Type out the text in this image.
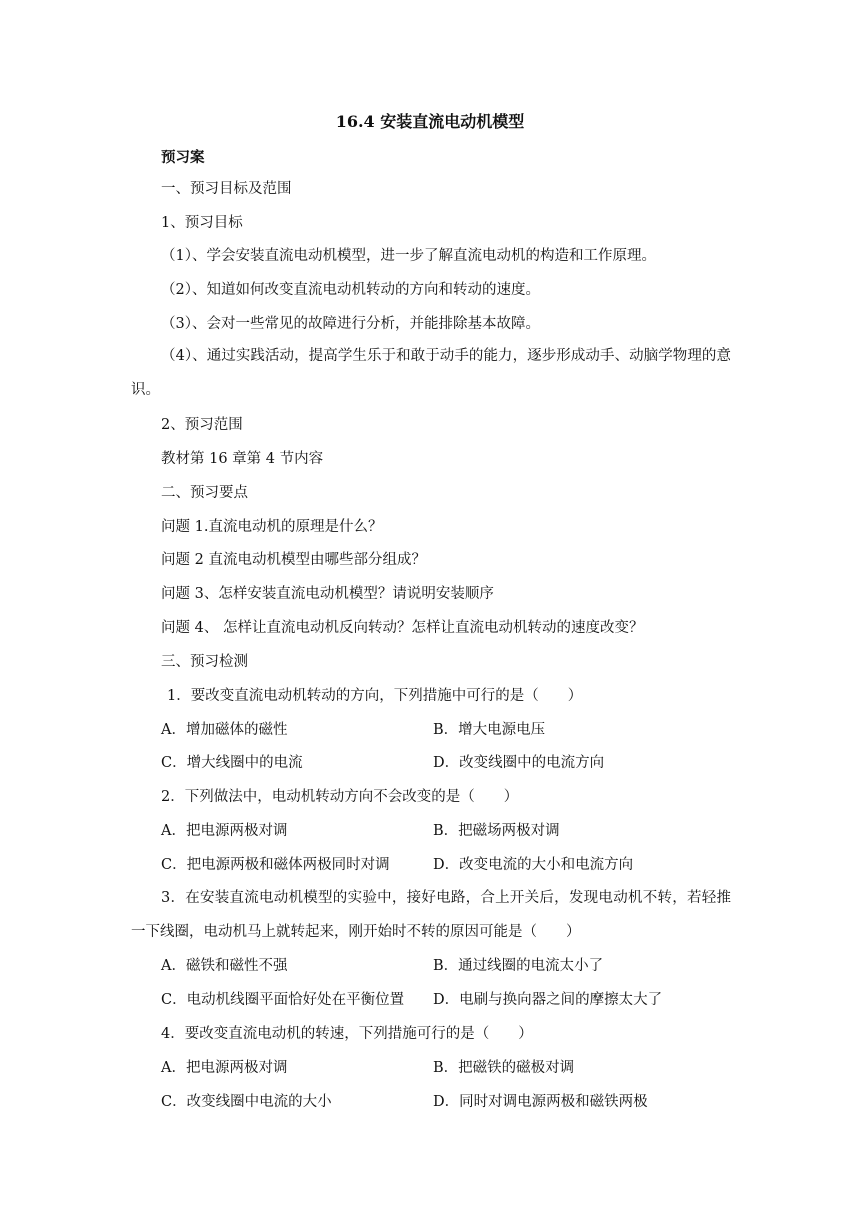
16.4 安装直流电动机模型
预习案
一、预习目标及范围
1、预习目标
（1）、学会安装直流电动机模型，进一步了解直流电动机的构造和工作原理。
（2）、知道如何改变直流电动机转动的方向和转动的速度。
（3）、会对一些常见的故障进行分析，并能排除基本故障。
（4）、通过实践活动，提高学生乐于和敢于动手的能力，逐步形成动手、动脑学物理的意识。
2、预习范围
教材第 16 章第 4 节内容
二、预习要点
问题 1.直流电动机的原理是什么？
问题 2 直流电动机模型由哪些部分组成？
问题 3、怎样安装直流电动机模型？请说明安装顺序
问题 4、 怎样让直流电动机反向转动？怎样让直流电动机转动的速度改变？
三、预习检测
1．要改变直流电动机转动的方向，下列措施中可行的是（　　）
A．增加磁体的磁性	B．增大电源电压
C．增大线圈中的电流	D．改变线圈中的电流方向
2．下列做法中，电动机转动方向不会改变的是（　　）
A．把电源两极对调	B．把磁场两极对调
C．把电源两极和磁体两极同时对调	D．改变电流的大小和电流方向
3．在安装直流电动机模型的实验中，接好电路，合上开关后，发现电动机不转，若轻推一下线圈，电动机马上就转起来，刚开始时不转的原因可能是（　　）
A．磁铁和磁性不强	B．通过线圈的电流太小了
C．电动机线圈平面恰好处在平衡位置 D．电刷与换向器之间的摩擦太大了
4．要改变直流电动机的转速，下列措施可行的是（　　）
A．把电源两极对调	B．把磁铁的磁极对调
C．改变线圈中电流的大小	D．同时对调电源两极和磁铁两极
